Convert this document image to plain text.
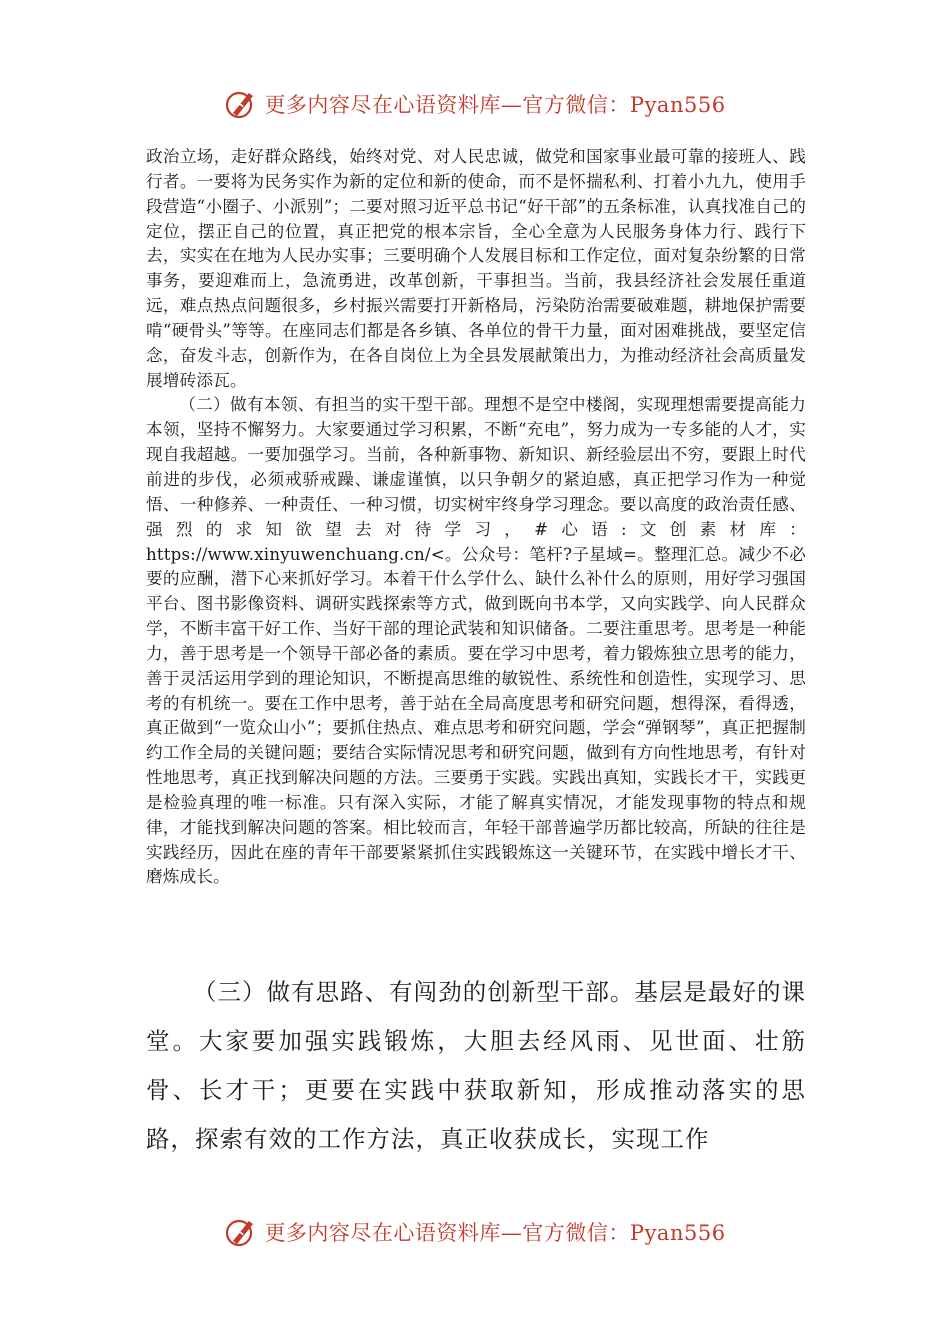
更多内容尽在心语资料库—官方微信：Pyan556

政治立场，走好群众路线，始终对党、对人民忠诚，做党和国家事业最可靠的接班人、践行者。一要将为民务实作为新的定位和新的使命，而不是怀揣私利、打着小九九，使用手段营造“小圈子、小派别”；二要对照习近平总书记“好干部”的五条标准，认真找准自己的定位，摆正自己的位置，真正把党的根本宗旨，全心全意为人民服务身体力行、践行下去，实实在在地为人民办实事；三要明确个人发展目标和工作定位，面对复杂纷繁的日常事务，要迎难而上，急流勇进，改革创新，干事担当。当前，我县经济社会发展任重道远，难点热点问题很多，乡村振兴需要打开新格局，污染防治需要破难题，耕地保护需要啃“硬骨头”等等。在座同志们都是各乡镇、各单位的骨干力量，面对困难挑战，要坚定信念，奋发斗志，创新作为，在各自岗位上为全县发展献策出力，为推动经济社会高质量发展增砖添瓦。

（二）做有本领、有担当的实干型干部。理想不是空中楼阁，实现理想需要提高能力本领，坚持不懈努力。大家要通过学习积累，不断“充电”，努力成为一专多能的人才，实现自我超越。一要加强学习。当前，各种新事物、新知识、新经验层出不穷，要跟上时代前进的步伐，必须戒骄戒躁、谦虚谨慎，以只争朝夕的紧迫感，真正把学习作为一种觉悟、一种修养、一种责任、一种习惯，切实树牢终身学习理念。要以高度的政治责任感、强烈的求知欲望去对待学习，#心语:文创素材库：https://www.xinyuwenchuang.cn/<。公众号：笔杆?子星域=。整理汇总。减少不必要的应酬，潜下心来抓好学习。本着干什么学什么、缺什么补什么的原则，用好学习强国平台、图书影像资料、调研实践探索等方式，做到既向书本学，又向实践学、向人民群众学，不断丰富干好工作、当好干部的理论武装和知识储备。二要注重思考。思考是一种能力，善于思考是一个领导干部必备的素质。要在学习中思考，着力锻炼独立思考的能力，善于灵活运用学到的理论知识，不断提高思维的敏锐性、系统性和创造性，实现学习、思考的有机统一。要在工作中思考，善于站在全局高度思考和研究问题，想得深，看得透，真正做到“一览众山小”；要抓住热点、难点思考和研究问题，学会“弹钢琴”，真正把握制约工作全局的关键问题；要结合实际情况思考和研究问题，做到有方向性地思考，有针对性地思考，真正找到解决问题的方法。三要勇于实践。实践出真知，实践长才干，实践更是检验真理的唯一标准。只有深入实际，才能了解真实情况，才能发现事物的特点和规律，才能找到解决问题的答案。相比较而言，年轻干部普遍学历都比较高，所缺的往往是实践经历，因此在座的青年干部要紧紧抓住实践锻炼这一关键环节，在实践中增长才干、磨炼成长。

（三）做有思路、有闯劲的创新型干部。基层是最好的课堂。大家要加强实践锻炼，大胆去经风雨、见世面、壮筋骨、长才干；更要在实践中获取新知，形成推动落实的思路，探索有效的工作方法，真正收获成长，实现工作

更多内容尽在心语资料库—官方微信：Pyan556
